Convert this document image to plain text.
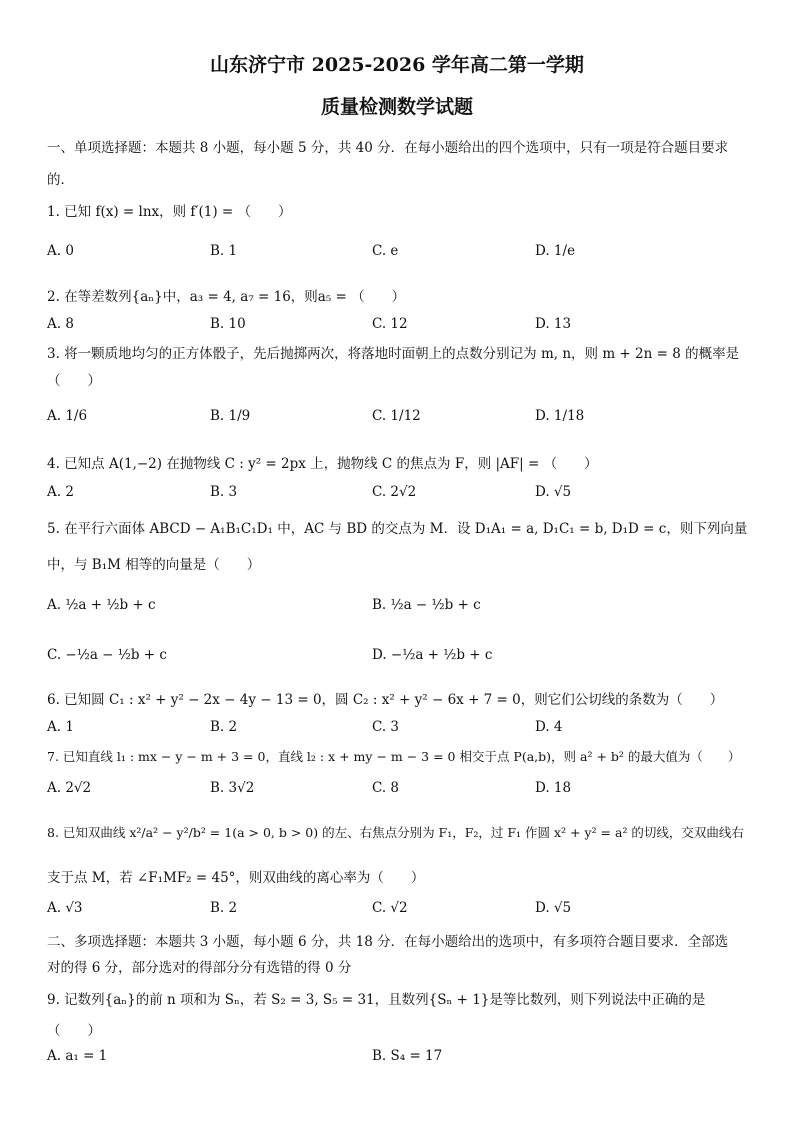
山东济宁市 2025-2026 学年高二第一学期
质量检测数学试题
一、单项选择题：本题共 8 小题，每小题 5 分，共 40 分．在每小题给出的四个选项中，只有一项是符合题目要求
的．
1. 已知 f(x) = lnx，则 f′(1) = （　　）
A. 0	B. 1	C. e	D. 1/e
2. 在等差数列{aₙ}中，a₃ = 4, a₇ = 16，则a₅ = （　　）
A. 8	B. 10	C. 12	D. 13
3. 将一颗质地均匀的正方体骰子，先后抛掷两次，将落地时面朝上的点数分别记为 m, n，则 m + 2n = 8 的概率是
（　　）
A. 1/6	B. 1/9	C. 1/12	D. 1/18
4. 已知点 A(1,−2) 在抛物线 C : y² = 2px 上，抛物线 C 的焦点为 F，则 |AF| = （　　）
A. 2	B. 3	C. 2√2	D. √5
5. 在平行六面体 ABCD − A₁B₁C₁D₁ 中，AC 与 BD 的交点为 M．设 D₁A₁ = a, D₁C₁ = b, D₁D = c，则下列向量
中，与 B₁M 相等的向量是（　　）
A. ½a + ½b + c	B. ½a − ½b + c
C. −½a − ½b + c	D. −½a + ½b + c
6. 已知圆 C₁ : x² + y² − 2x − 4y − 13 = 0，圆 C₂ : x² + y² − 6x + 7 = 0，则它们公切线的条数为（　　）
A. 1	B. 2	C. 3	D. 4
7. 已知直线 l₁ : mx − y − m + 3 = 0，直线 l₂ : x + my − m − 3 = 0 相交于点 P(a,b)，则 a² + b² 的最大值为（　　）
A. 2√2	B. 3√2	C. 8	D. 18
8. 已知双曲线 x²/a² − y²/b² = 1(a > 0, b > 0) 的左、右焦点分别为 F₁，F₂，过 F₁ 作圆 x² + y² = a² 的切线，交双曲线右
支于点 M，若 ∠F₁MF₂ = 45°，则双曲线的离心率为（　　）
A. √3	B. 2	C. √2	D. √5
二、多项选择题：本题共 3 小题，每小题 6 分，共 18 分．在每小题给出的选项中，有多项符合题目要求．全部选
对的得 6 分，部分选对的得部分分有选错的得 0 分
9. 记数列{aₙ}的前 n 项和为 Sₙ，若 S₂ = 3, S₅ = 31，且数列{Sₙ + 1}是等比数列，则下列说法中正确的是
（　　）
A. a₁ = 1	B. S₄ = 17
